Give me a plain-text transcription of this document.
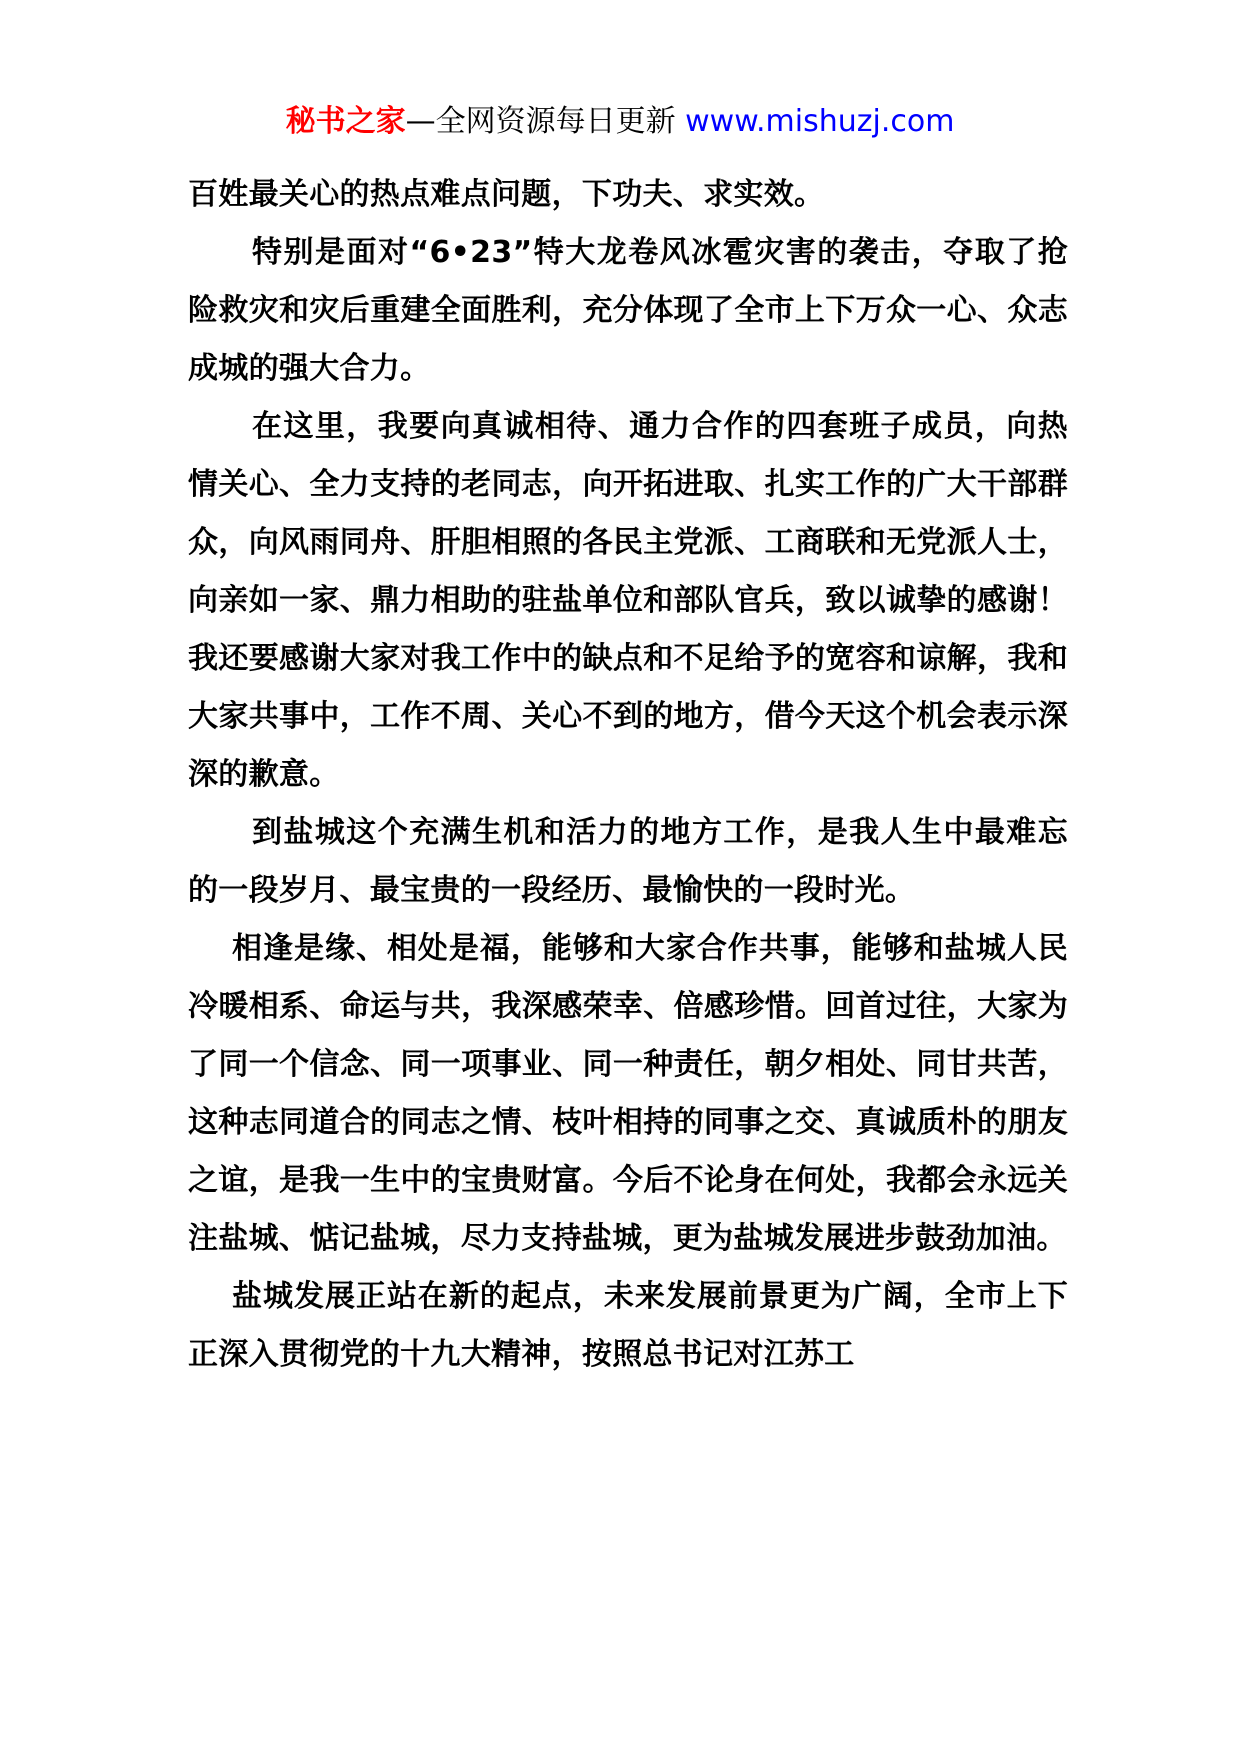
秘书之家—全网资源每日更新 www.mishuzj.com

百姓最关心的热点难点问题，下功夫、求实效。

特别是面对“6•23”特大龙卷风冰雹灾害的袭击，夺取了抢险救灾和灾后重建全面胜利，充分体现了全市上下万众一心、众志成城的强大合力。

在这里，我要向真诚相待、通力合作的四套班子成员，向热情关心、全力支持的老同志，向开拓进取、扎实工作的广大干部群众，向风雨同舟、肝胆相照的各民主党派、工商联和无党派人士，向亲如一家、鼎力相助的驻盐单位和部队官兵，致以诚挚的感谢！我还要感谢大家对我工作中的缺点和不足给予的宽容和谅解，我和大家共事中，工作不周、关心不到的地方，借今天这个机会表示深深的歉意。

到盐城这个充满生机和活力的地方工作，是我人生中最难忘的一段岁月、最宝贵的一段经历、最愉快的一段时光。

相逢是缘、相处是福，能够和大家合作共事，能够和盐城人民冷暖相系、命运与共，我深感荣幸、倍感珍惜。回首过往，大家为了同一个信念、同一项事业、同一种责任，朝夕相处、同甘共苦，这种志同道合的同志之情、枝叶相持的同事之交、真诚质朴的朋友之谊，是我一生中的宝贵财富。今后不论身在何处，我都会永远关注盐城、惦记盐城，尽力支持盐城，更为盐城发展进步鼓劲加油。

盐城发展正站在新的起点，未来发展前景更为广阔，全市上下正深入贯彻党的十九大精神，按照总书记对江苏工
